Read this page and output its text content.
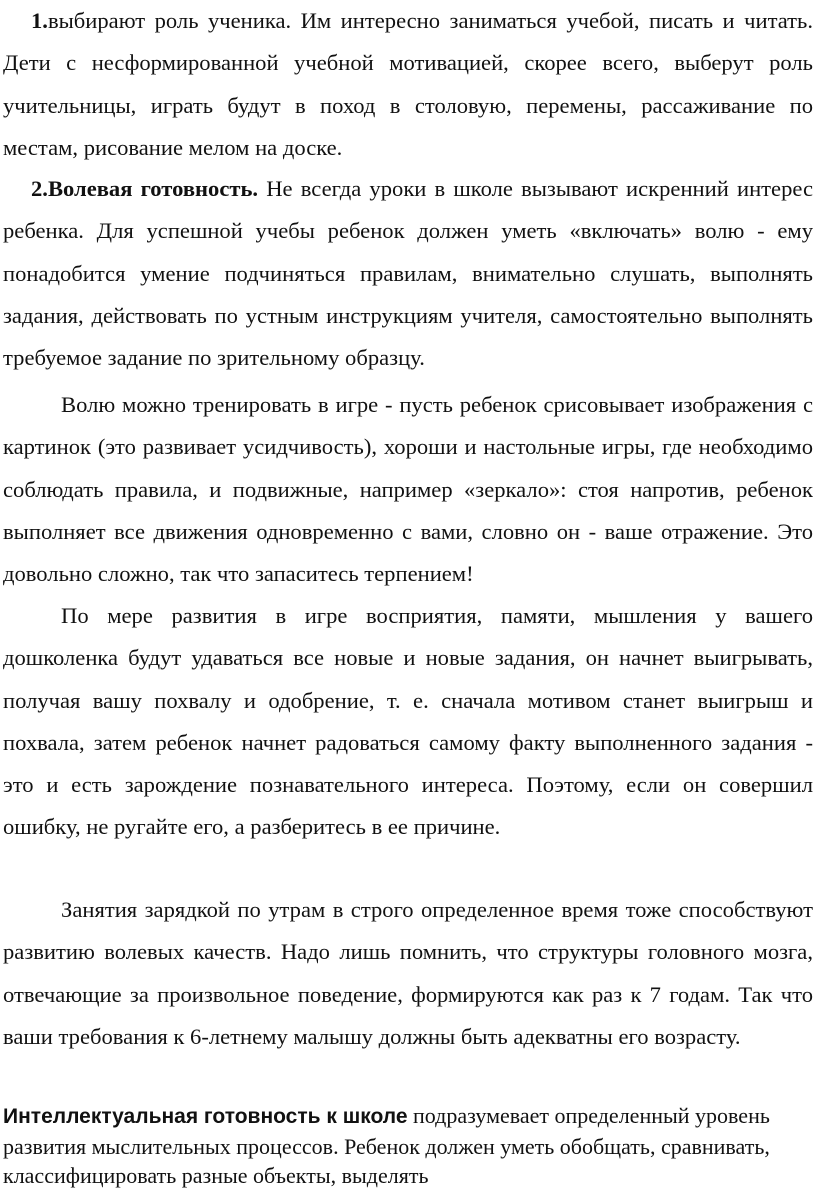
1.выбирают роль ученика. Им интересно заниматься учебой, писать и читать. Дети с несформированной учебной мотивацией, скорее всего, выберут роль учительницы, играть будут в поход в столовую, перемены, рассаживание по местам, рисование мелом на доске.

2.Волевая готовность. Не всегда уроки в школе вызывают искренний интерес ребенка. Для успешной учебы ребенок должен уметь «включать» волю - ему понадобится умение подчиняться правилам, внимательно слушать, выполнять задания, действовать по устным инструкциям учителя, самостоятельно выполнять требуемое задание по зрительному образцу.

Волю можно тренировать в игре - пусть ребенок срисовывает изображения с картинок (это развивает усидчивость), хороши и настольные игры, где необходимо соблюдать правила, и подвижные, например «зеркало»: стоя напротив, ребенок выполняет все движения одновременно с вами, словно он - ваше отражение. Это довольно сложно, так что запаситесь терпением!

По мере развития в игре восприятия, памяти, мышления у вашего дошколенка будут удаваться все новые и новые задания, он начнет выигрывать, получая вашу похвалу и одобрение, т. е. сначала мотивом станет выигрыш и похвала, затем ребенок начнет радоваться самому факту выполненного задания - это и есть зарождение познавательного интереса. Поэтому, если он совершил ошибку, не ругайте его, а разберитесь в ее причине.

Занятия зарядкой по утрам в строго определенное время тоже способствуют развитию волевых качеств. Надо лишь помнить, что структуры головного мозга, отвечающие за произвольное поведение, формируются как раз к 7 годам. Так что ваши требования к 6-летнему малышу должны быть адекватны его возрасту.

Интеллектуальная готовность к школе подразумевает определенный уровень развития мыслительных процессов. Ребенок должен уметь обобщать, сравнивать, классифицировать разные объекты, выделять
